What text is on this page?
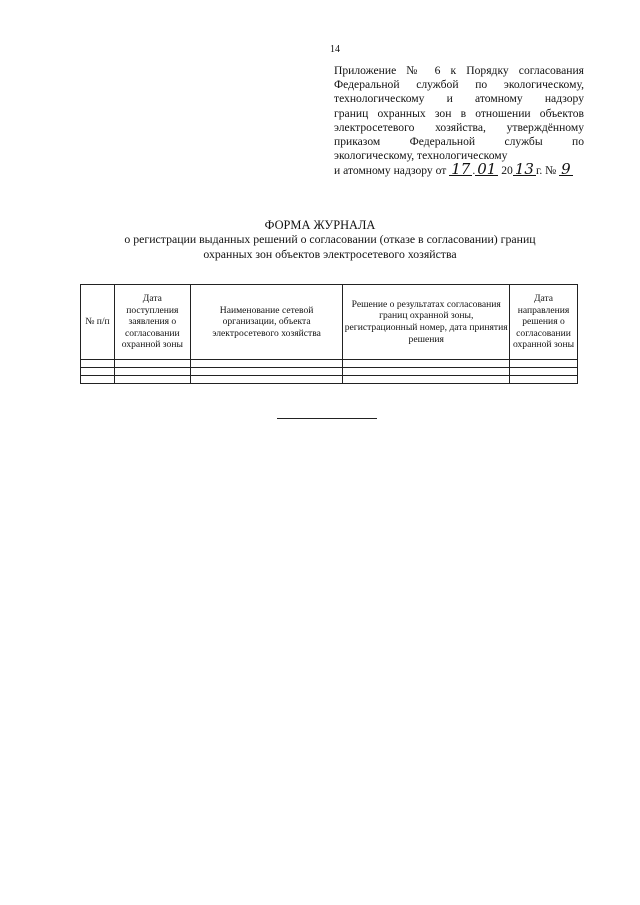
14
Приложение № 6 к Порядку согласования
Федеральной службой по экологическому,
технологическому и атомному надзору
границ охранных зон в отношении объектов
электросетевого хозяйства, утверждённому
приказом Федеральной службы по
экологическому, технологическому
и атомному надзору от 17 . 01 20 13 г. № 9
ФОРМА ЖУРНАЛА
о регистрации выданных решений о согласовании (отказе в согласовании) границ
охранных зон объектов электросетевого хозяйства
№ п/п	Дата поступления заявления о согласовании охранной зоны	Наименование сетевой организации, объекта электросетевого хозяйства	Решение о результатах согласования границ охранной зоны, регистрационный номер, дата принятия решения	Дата направления решения о согласовании охранной зоны
